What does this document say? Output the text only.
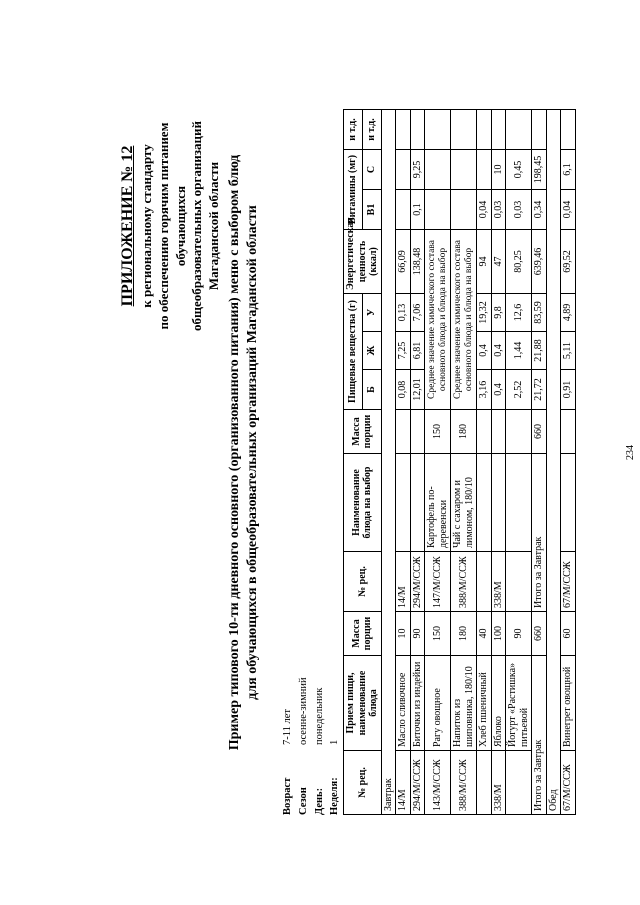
ПРИЛОЖЕНИЕ № 12 к региональному стандарту по обеспечению горячим питанием обучающихся общеобразовательных организаций Магаданской области Пример типового 10-ти дневного основного (организованного питания) меню с выбором блюд для обучающихся в общеобразовательных организаций Магаданской области
Возраст7-11 лет
Сезоносенне-зимний
День:понедельник
Неделя:1
№ рец.	Прием пищи, наименование блюда	Масса порции	№ рец.	Наименование блюда на выбор	Масса порции	Пищевые вещества (г)			Энергетическая ценность (ккал)	Витамины (мг)		и т.д.	
						Б	Ж	У		В1	С	и т.д.	
Завтрак													
14/М	Масло сливочное	10	14/М			0,08	7,25	0,13	66,09				
294/М/ССЖ	Биточки из индейки	90	294/М/ССЖ			12,01	6,81	7,06	138,48	0,1	9,25		
143/М/ССЖ	Рагу овощное	150	147/М/ССЖ	Картофель по-деревенски	150	Среднее значение химического состава основного блюда и блюда на выбор							
388/М/ССЖ	Напиток из шиповника, 180/10	180	388/М/ССЖ	Чай с сахаром и лимоном, 180/10	180	Среднее значение химического состава основного блюда и блюда на выбор							
	Хлеб пшеничный	40				3,16	0,4	19,32	94	0,04			
338/М	Яблоко	100	338/М			0,4	0,4	9,8	47	0,03	10		
	Йогурт «Растишка» питьевой	90				2,52	1,44	12,6	80,25	0,03	0,45		
Итого за Завтрак		660	Итого за Завтрак		660	21,72	21,88	83,59	639,46	0,34	198,45		
Обед													
67/М/ССЖ	Винегрет овощной	60	67/М/ССЖ			0,91	5,11	4,89	69,52	0,04	6,1		
234
